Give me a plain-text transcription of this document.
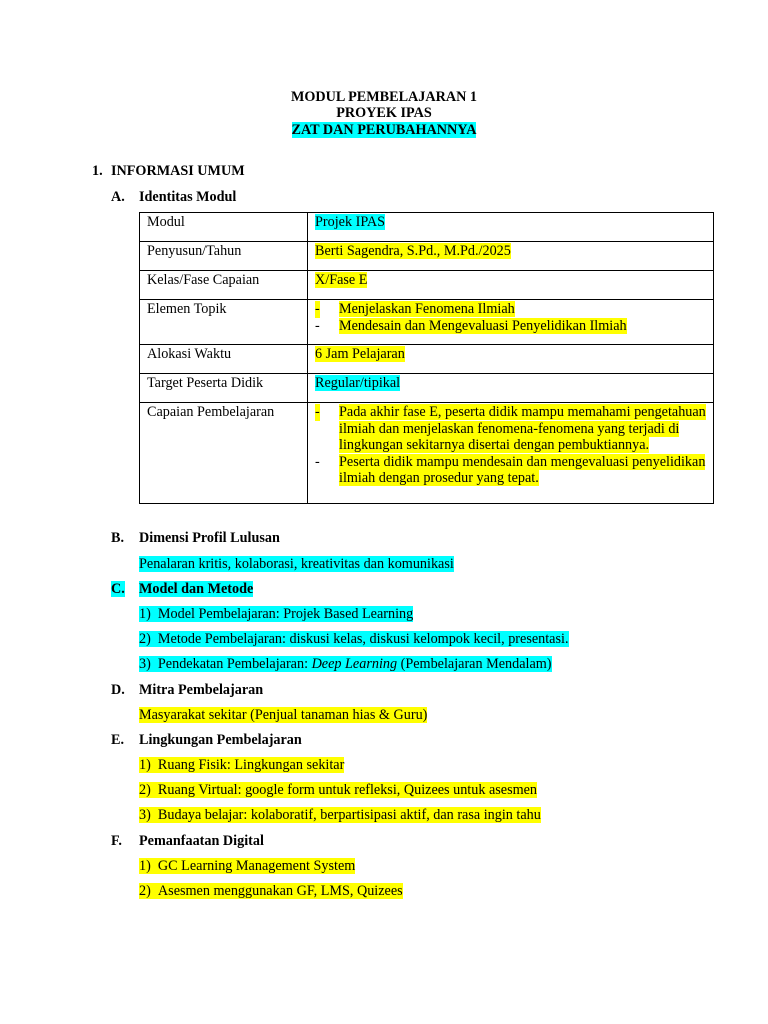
MODUL PEMBELAJARAN 1
PROYEK IPAS
ZAT DAN PERUBAHANNYA
1. INFORMASI UMUM
A. Identitas Modul
Modul	Projek IPAS
Penyusun/Tahun	Berti Sagendra, S.Pd., M.Pd./2025
Kelas/Fase Capaian	X/Fase E
Elemen Topik	- Menjelaskan Fenomena Ilmiah
- Mendesain dan Mengevaluasi Penyelidikan Ilmiah

Alokasi Waktu	6 Jam Pelajaran
Target Peserta Didik	Regular/tipikal
Capaian Pembelajaran	- Pada akhir fase E, peserta didik mampu memahami pengetahuan ilmiah dan menjelaskan fenomena-fenomena yang terjadi di lingkungan sekitarnya disertai dengan pembuktiannya.
- Peserta didik mampu mendesain dan mengevaluasi penyelidikan ilmiah dengan prosedur yang tepat.
B. Dimensi Profil Lulusan
Penalaran kritis, kolaborasi, kreativitas dan komunikasi
C. Model dan Metode
1) Model Pembelajaran: Projek Based Learning
2) Metode Pembelajaran: diskusi kelas, diskusi kelompok kecil, presentasi.
3) Pendekatan Pembelajaran: Deep Learning (Pembelajaran Mendalam)
D. Mitra Pembelajaran
Masyarakat sekitar (Penjual tanaman hias & Guru)
E. Lingkungan Pembelajaran
1) Ruang Fisik: Lingkungan sekitar
2) Ruang Virtual: google form untuk refleksi, Quizees untuk asesmen
3) Budaya belajar: kolaboratif, berpartisipasi aktif, dan rasa ingin tahu
F. Pemanfaatan Digital
1) GC Learning Management System
2) Asesmen menggunakan GF, LMS, Quizees
